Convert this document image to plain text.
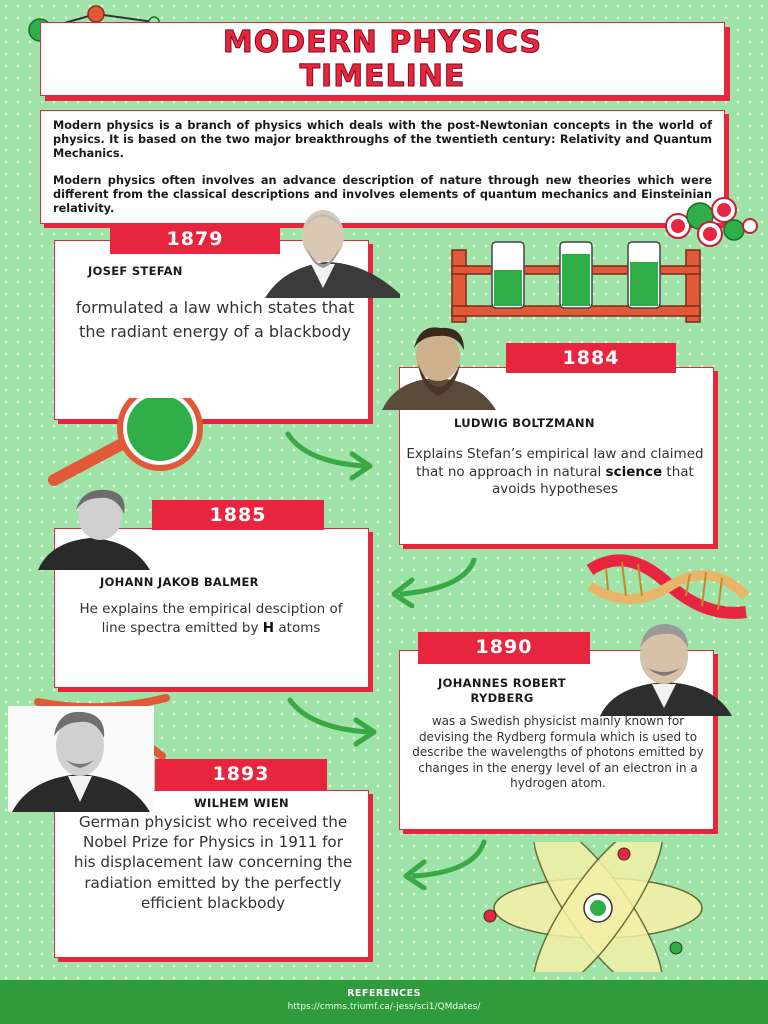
MODERN PHYSICS
TIMELINE

Modern physics is a branch of physics which deals with the post-Newtonian concepts in the world of physics. It is based on the two major breakthroughs of the twentieth century: Relativity and Quantum Mechanics.

Modern physics often involves an advance description of nature through new theories which were different from the classical descriptions and involves elements of quantum mechanics and Einsteinian relativity.

1879
JOSEF STEFAN
formulated a law which states that the radiant energy of a blackbody
1884
LUDWIG BOLTZMANN
Explains Stefan’s empirical law and claimed that no approach in natural science that avoids hypotheses
1885
JOHANN JAKOB BALMER
He explains the empirical desciption of line spectra emitted by H atoms
1890
JOHANNES ROBERT
RYDBERG
was a Swedish physicist mainly known for devising the Rydberg formula which is used to describe the wavelengths of photons emitted by changes in the energy level of an electron in a hydrogen atom.
1893
WILHEM WIEN
German physicist who received the Nobel Prize for Physics in 1911 for his displacement law concerning the radiation emitted by the perfectly efficient blackbody
REFERENCES
https://cmms.triumf.ca/-jess/sci1/QMdates/
